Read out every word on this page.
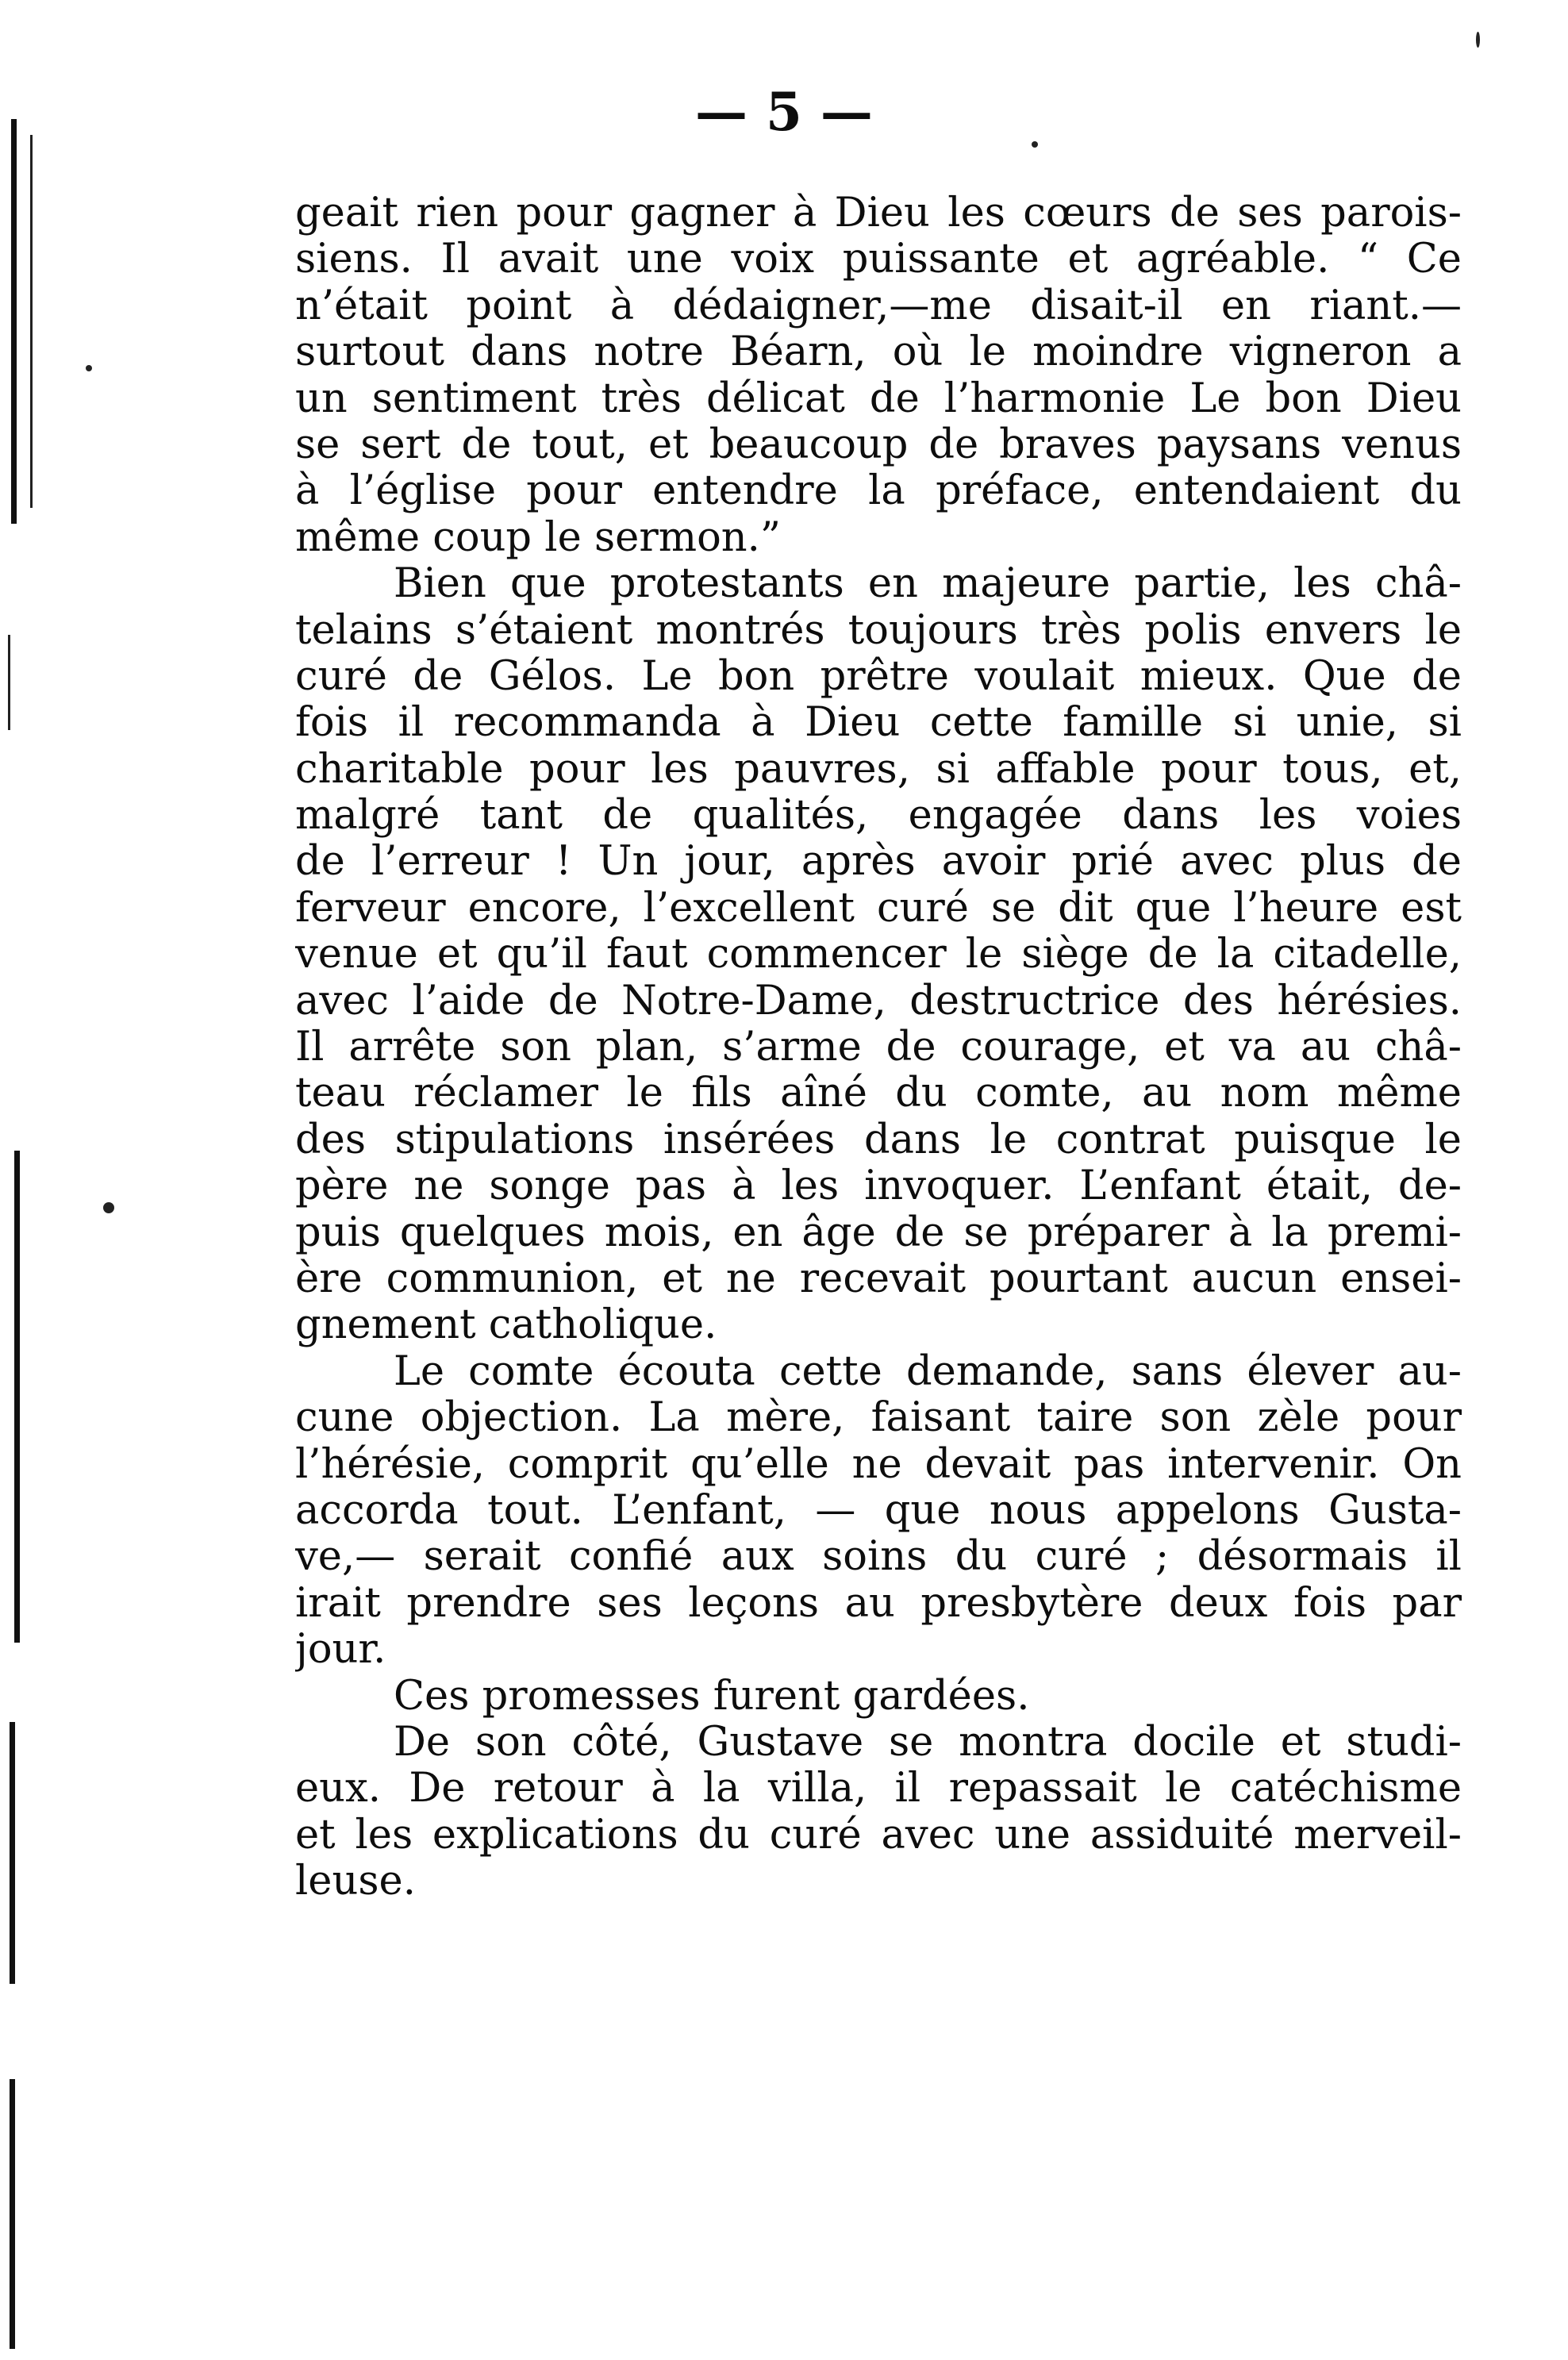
— 5 —
geait rien pour gagner à Dieu les cœurs de ses parois-
siens. Il avait une voix puissante et agréable. “ Ce
n’était point à dédaigner,—me disait-il en riant.—
surtout dans notre Béarn, où le moindre vigneron a
un sentiment très délicat de l’harmonie Le bon Dieu
se sert de tout, et beaucoup de braves paysans venus
à l’église pour entendre la préface, entendaient du
même coup le sermon.”
Bien que protestants en majeure partie, les châ-
telains s’étaient montrés toujours très polis envers le
curé de Gélos. Le bon prêtre voulait mieux. Que de
fois il recommanda à Dieu cette famille si unie, si
charitable pour les pauvres, si affable pour tous, et,
malgré tant de qualités, engagée dans les voies
de l’erreur ! Un jour, après avoir prié avec plus de
ferveur encore, l’excellent curé se dit que l’heure est
venue et qu’il faut commencer le siège de la citadelle,
avec l’aide de Notre-Dame, destructrice des hérésies.
Il arrête son plan, s’arme de courage, et va au châ-
teau réclamer le fils aîné du comte, au nom même
des stipulations insérées dans le contrat puisque le
père ne songe pas à les invoquer. L’enfant était, de-
puis quelques mois, en âge de se préparer à la premi-
ère communion, et ne recevait pourtant aucun ensei-
gnement catholique.
Le comte écouta cette demande, sans élever au-
cune objection. La mère, faisant taire son zèle pour
l’hérésie, comprit qu’elle ne devait pas intervenir. On
accorda tout. L’enfant, — que nous appelons Gusta-
ve,— serait confié aux soins du curé ; désormais il
irait prendre ses leçons au presbytère deux fois par
jour.
Ces promesses furent gardées.
De son côté, Gustave se montra docile et studi-
eux. De retour à la villa, il repassait le catéchisme
et les explications du curé avec une assiduité merveil-
leuse.
